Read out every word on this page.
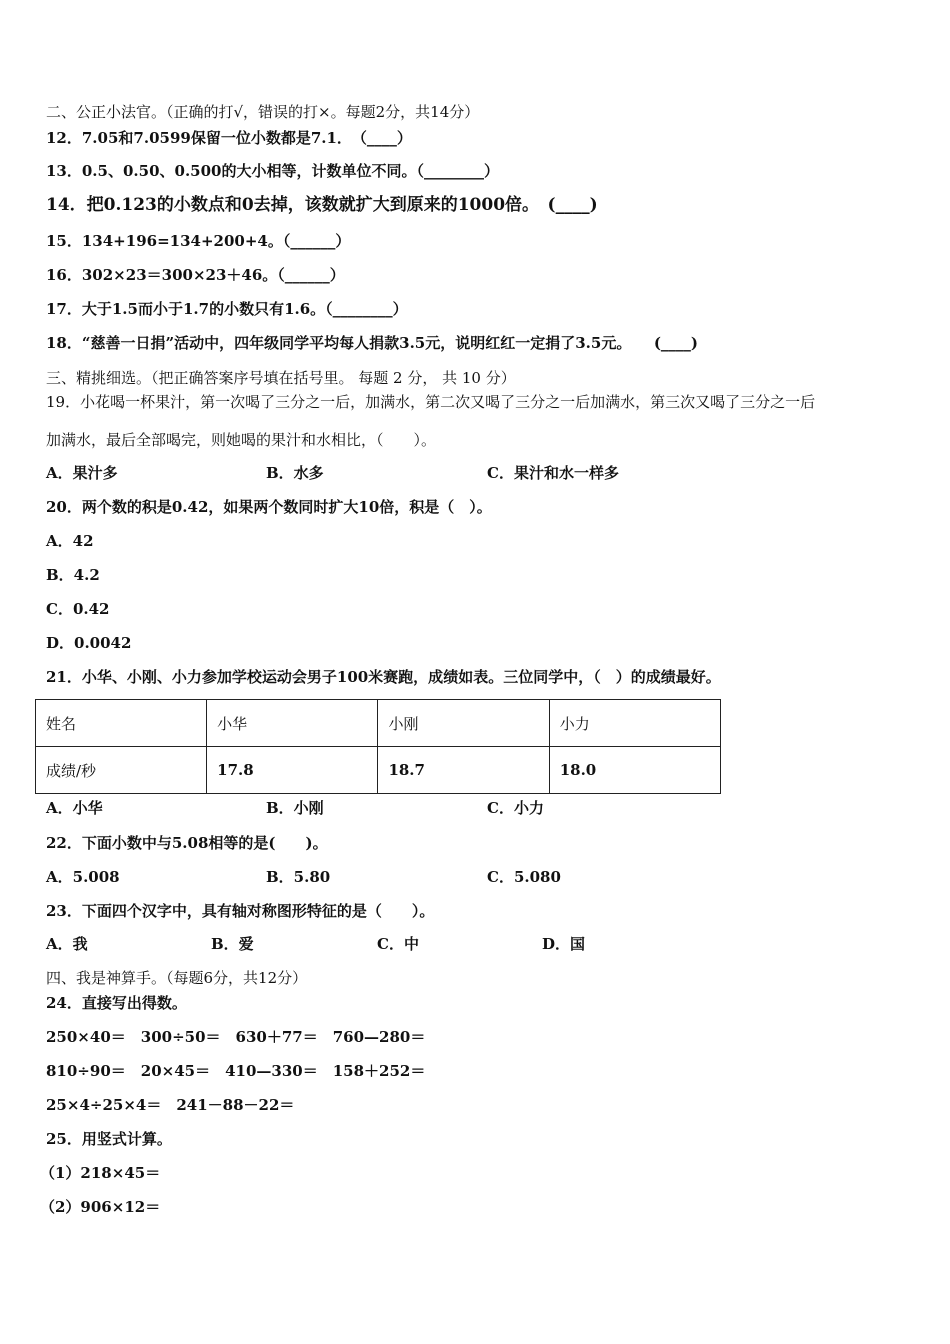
二、公正小法官。（正确的打√，错误的打×。每题2分，共14分）
12．7.05和7.0599保留一位小数都是7.1．　（____）
13．0.5、0.50、0.500的大小相等，计数单位不同。（________）
14．把0.123的小数点和0去掉，该数就扩大到原来的1000倍。　(____)
15．134+196=134+200+4。（______）
16．302×23＝300×23＋46。（______）
17．大于1.5而小于1.7的小数只有1.6。（________）
18．“慈善一日捐”活动中，四年级同学平均每人捐款3.5元，说明红红一定捐了3.5元。　　(____)
三、精挑细选。（把正确答案序号填在括号里。 每题 2 分， 共 10 分）
19．小花喝一杯果汁，第一次喝了三分之一后，加满水，第二次又喝了三分之一后加满水，第三次又喝了三分之一后
加满水，最后全部喝完，则她喝的果汁和水相比，（　　）。
A．果汁多	B．水多	C．果汁和水一样多
20．两个数的积是0.42，如果两个数同时扩大10倍，积是（　）。
A．42
B．4.2
C．0.42
D．0.0042
21．小华、小刚、小力参加学校运动会男子100米赛跑，成绩如表。三位同学中，（　）的成绩最好。
姓名	小华	小刚	小力
成绩/秒	17.8	18.7	18.0
A．小华	B．小刚	C．小力
22．下面小数中与5.08相等的是(　　)。
A．5.008	B．5.80	C．5.080
23．下面四个汉字中，具有轴对称图形特征的是（　　）。
A．我	B．爱	C．中	D．国
四、我是神算手。（每题6分，共12分）
24．直接写出得数。
250×40＝　300÷50＝　630＋77＝　760—280＝
810÷90＝　20×45＝　410—330＝　158＋252＝
25×4÷25×4＝　241－88－22＝
25．用竖式计算。
（1）218×45＝
（2）906×12＝
